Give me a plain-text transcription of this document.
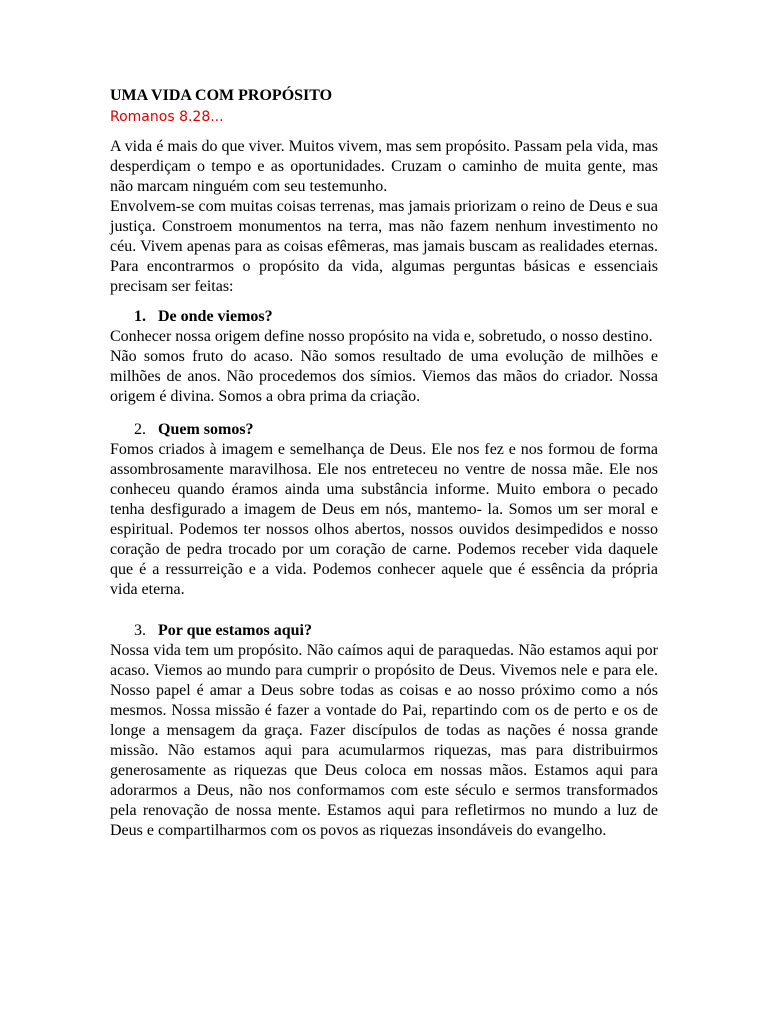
UMA VIDA COM PROPÓSITO

Romanos 8.28...

A vida é mais do que viver. Muitos vivem, mas sem propósito. Passam pela vida, mas desperdiçam o tempo e as oportunidades. Cruzam o caminho de muita gente, mas não marcam ninguém com seu testemunho.

Envolvem-se com muitas coisas terrenas, mas jamais priorizam o reino de Deus e sua justiça. Constroem monumentos na terra, mas não fazem nenhum investimento no céu. Vivem apenas para as coisas efêmeras, mas jamais buscam as realidades eternas. Para encontrarmos o propósito da vida, algumas perguntas básicas e essenciais precisam ser feitas:

1. De onde viemos?

Conhecer nossa origem define nosso propósito na vida e, sobretudo, o nosso destino.

Não somos fruto do acaso. Não somos resultado de uma evolução de milhões e milhões de anos. Não procedemos dos símios. Viemos das mãos do criador. Nossa origem é divina. Somos a obra prima da criação.

2. Quem somos?

Fomos criados à imagem e semelhança de Deus. Ele nos fez e nos formou de forma assombrosamente maravilhosa. Ele nos entreteceu no ventre de nossa mãe. Ele nos conheceu quando éramos ainda uma substância informe. Muito embora o pecado tenha desfigurado a imagem de Deus em nós, mantemo- la. Somos um ser moral e espiritual. Podemos ter nossos olhos abertos, nossos ouvidos desimpedidos e nosso coração de pedra trocado por um coração de carne. Podemos receber vida daquele que é a ressurreição e a vida. Podemos conhecer aquele que é essência da própria vida eterna.

3. Por que estamos aqui?

Nossa vida tem um propósito. Não caímos aqui de paraquedas. Não estamos aqui por acaso. Viemos ao mundo para cumprir o propósito de Deus. Vivemos nele e para ele. Nosso papel é amar a Deus sobre todas as coisas e ao nosso próximo como a nós mesmos. Nossa missão é fazer a vontade do Pai, repartindo com os de perto e os de longe a mensagem da graça. Fazer discípulos de todas as nações é nossa grande missão. Não estamos aqui para acumularmos riquezas, mas para distribuirmos generosamente as riquezas que Deus coloca em nossas mãos. Estamos aqui para adorarmos a Deus, não nos conformamos com este século e sermos transformados pela renovação de nossa mente. Estamos aqui para refletirmos no mundo a luz de Deus e compartilharmos com os povos as riquezas insondáveis do evangelho.
